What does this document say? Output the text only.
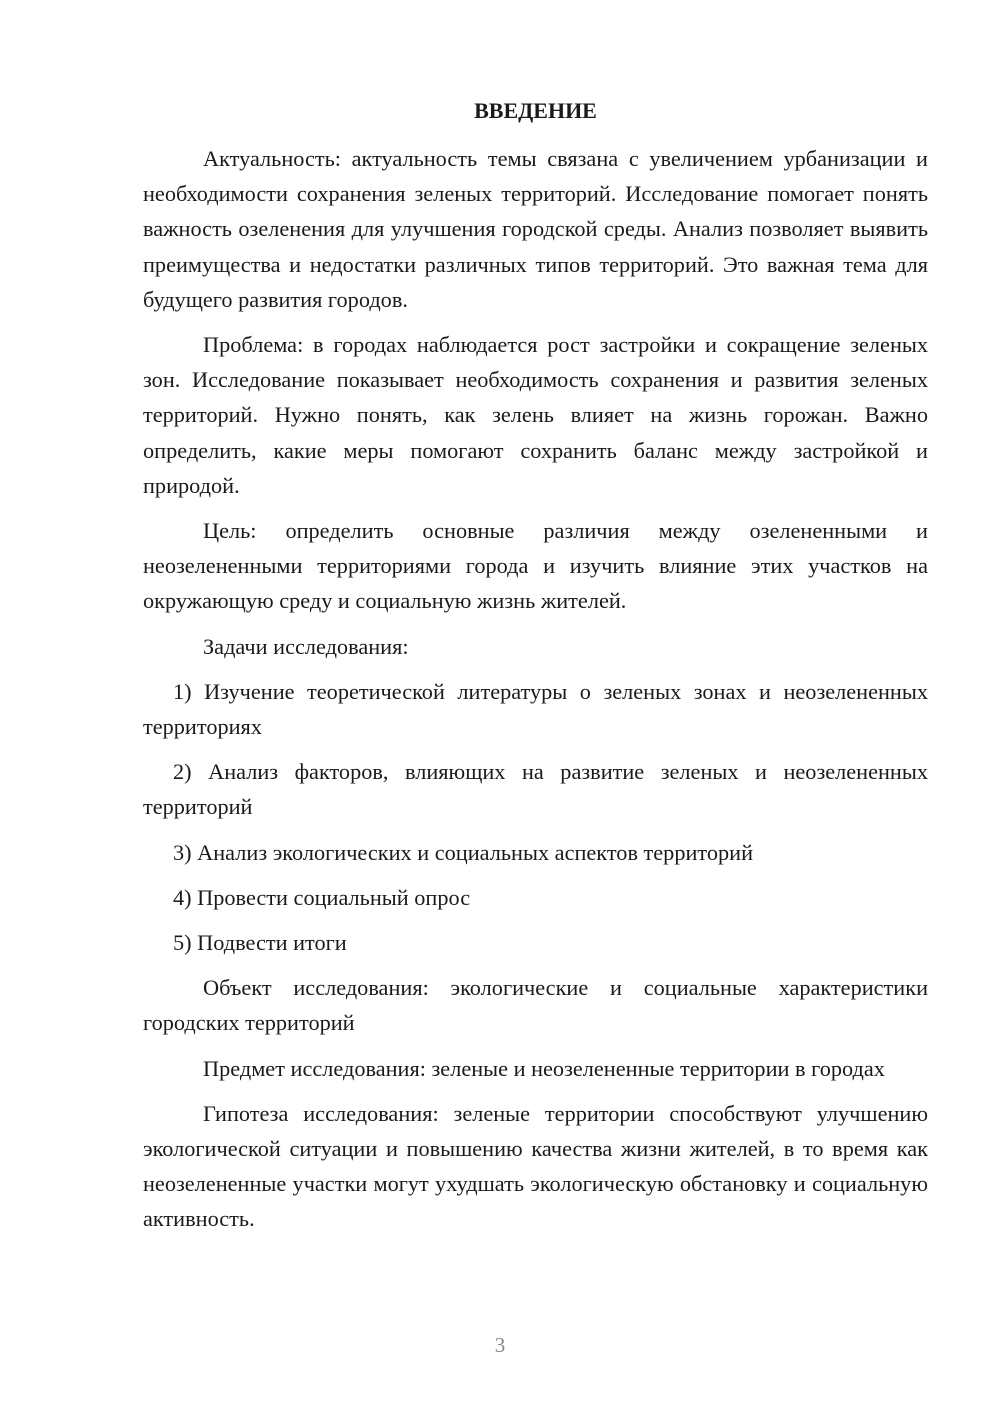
ВВЕДЕНИЕ
Актуальность: актуальность темы связана с увеличением урбанизации и необходимости сохранения зеленых территорий. Исследование помогает понять важность озеленения для улучшения городской среды. Анализ позволяет выявить преимущества и недостатки различных типов территорий. Это важная тема для будущего развития городов.
Проблема: в городах наблюдается рост застройки и сокращение зеленых зон. Исследование показывает необходимость сохранения и развития зеленых территорий. Нужно понять, как зелень влияет на жизнь горожан. Важно определить, какие меры помогают сохранить баланс между застройкой и природой.
Цель: определить основные различия между озелененными и неозелененными территориями города и изучить влияние этих участков на окружающую среду и социальную жизнь жителей.
Задачи исследования:
1) Изучение теоретической литературы о зеленых зонах и неозелененных территориях
2) Анализ факторов, влияющих на развитие зеленых и неозелененных территорий
3) Анализ экологических и социальных аспектов территорий
4) Провести социальный опрос
5) Подвести итоги
Объект исследования: экологические и социальные характеристики городских территорий
Предмет исследования: зеленые и неозелененные территории в городах
Гипотеза исследования: зеленые территории способствуют улучшению экологической ситуации и повышению качества жизни жителей, в то время как неозелененные участки могут ухудшать экологическую обстановку и социальную активность.
3
